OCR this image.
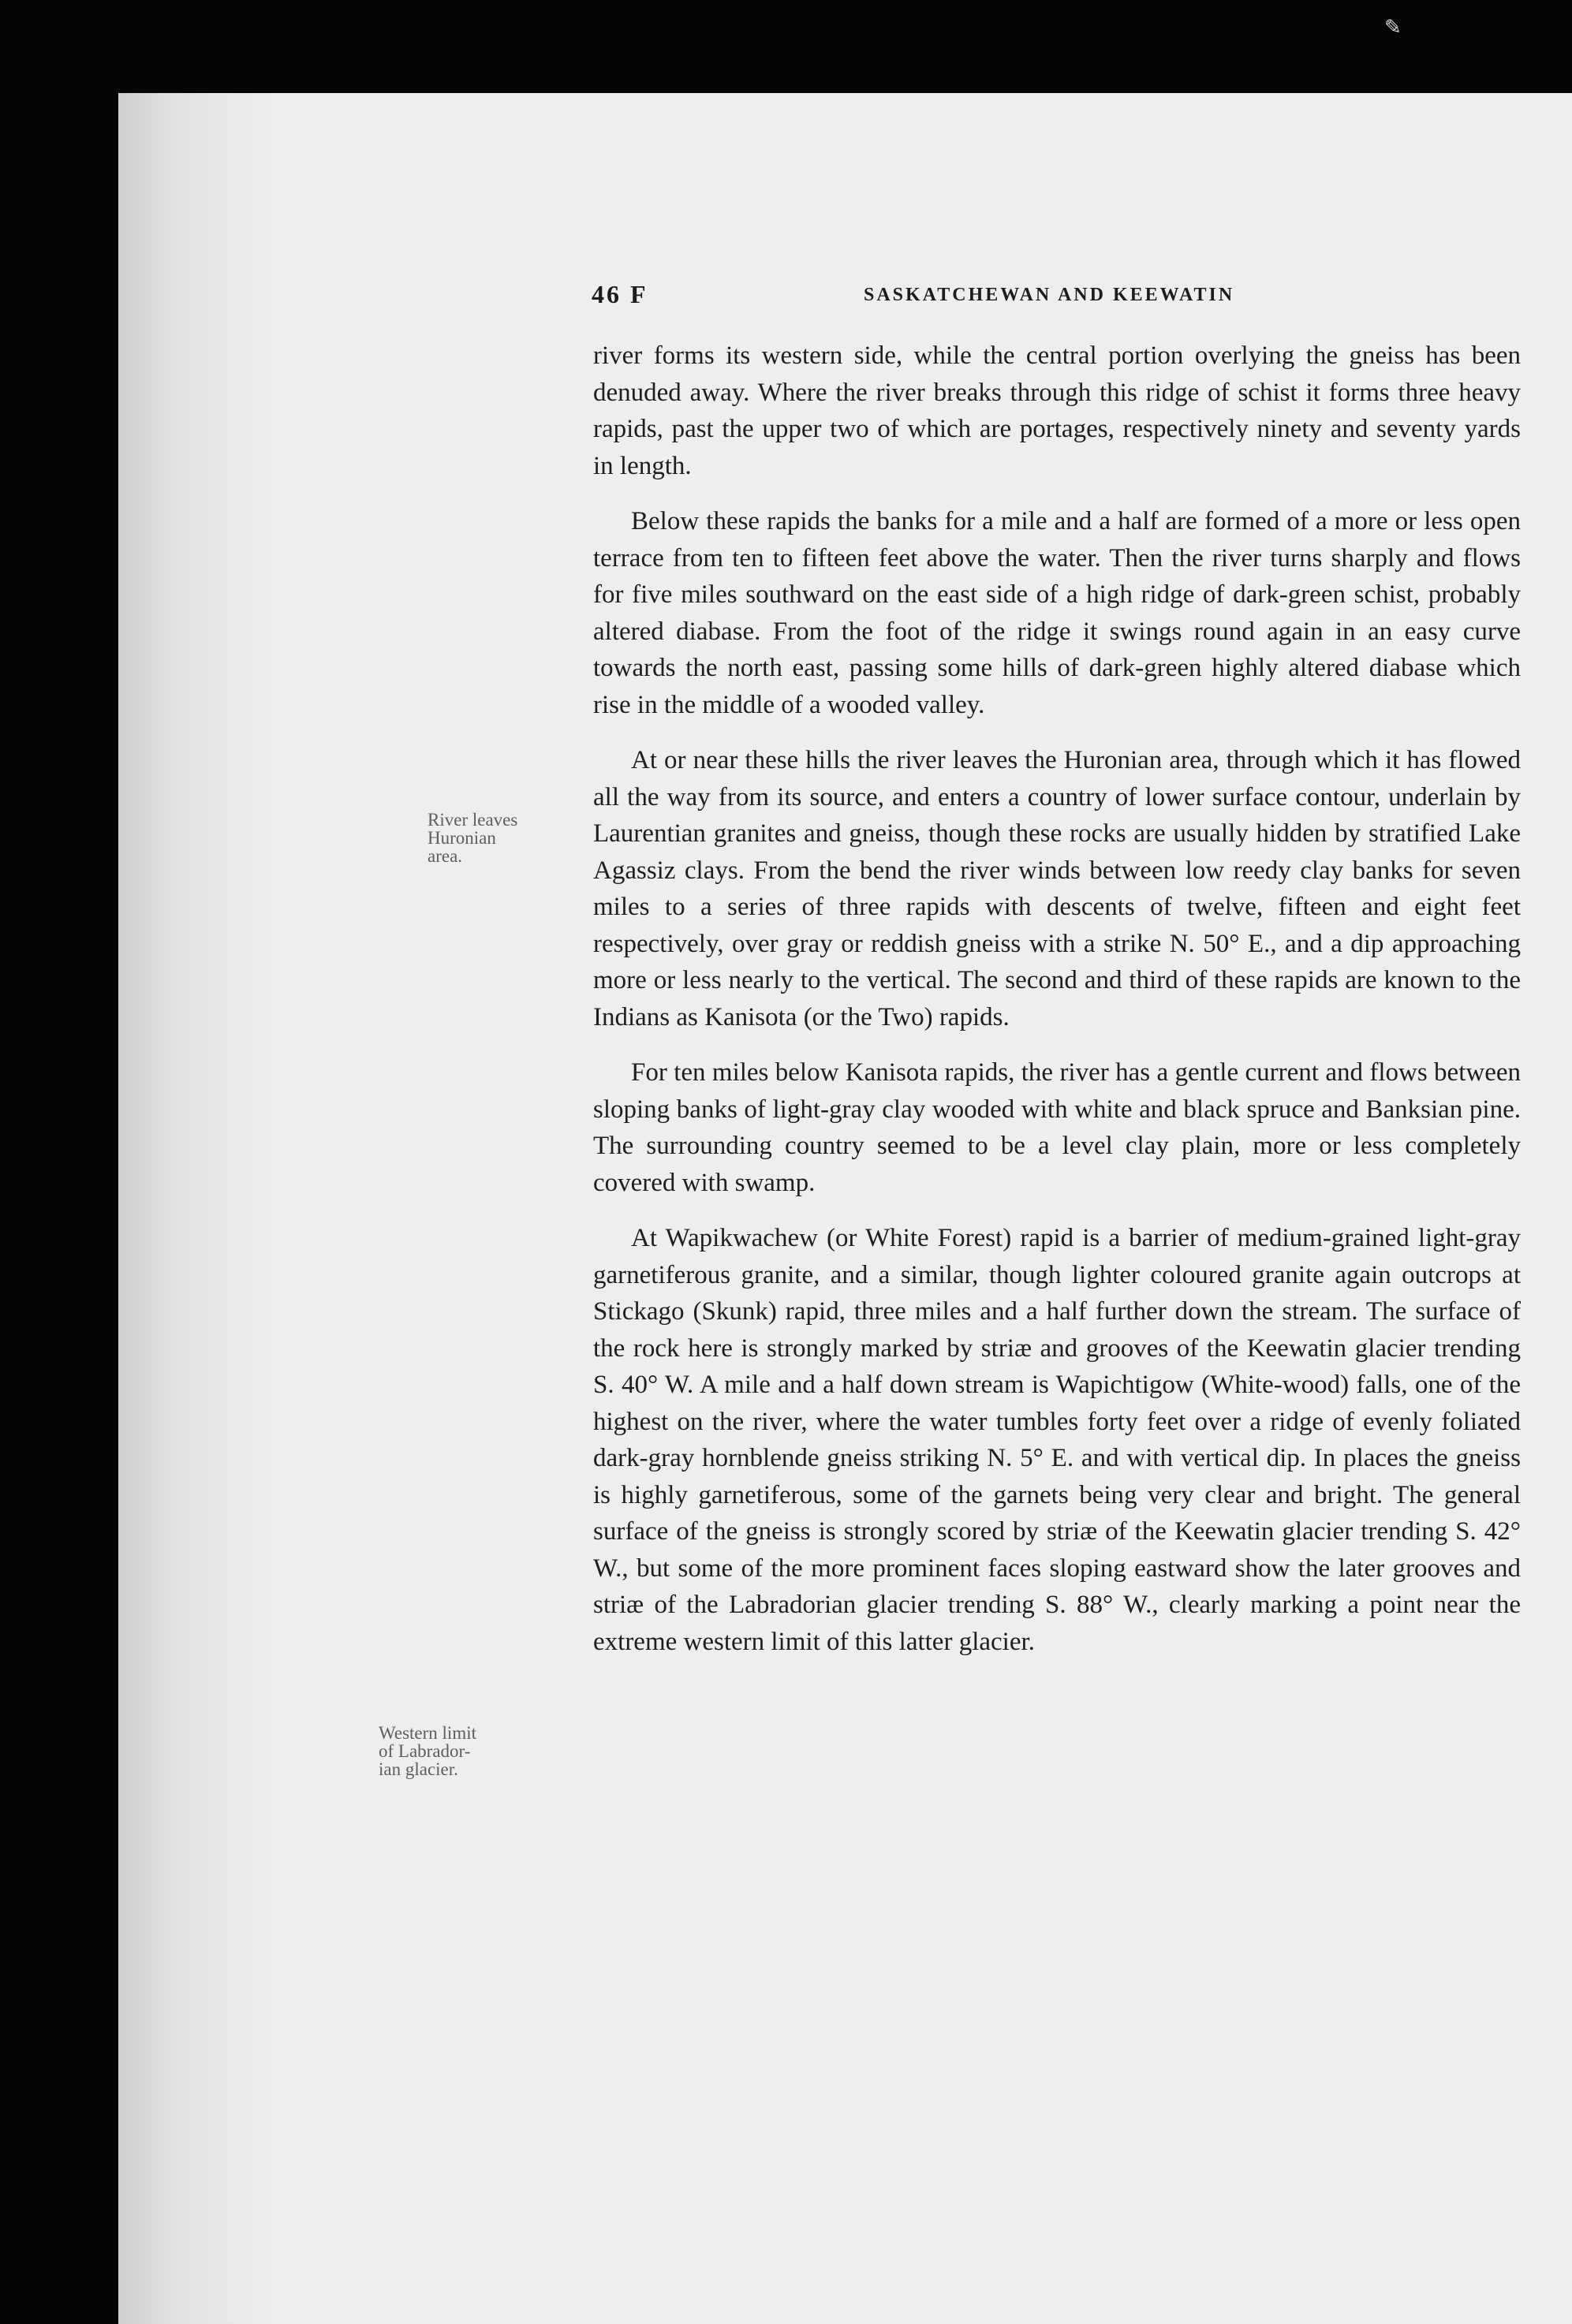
✎
46 F	SASKATCHEWAN AND KEEWATIN
River leaves
Huronian
area.
Western limit
of Labrador-
ian glacier.

river forms its western side, while the central portion overlying the gneiss has been denuded away. Where the river breaks through this ridge of schist it forms three heavy rapids, past the upper two of which are portages, respectively ninety and seventy yards in length.

Below these rapids the banks for a mile and a half are formed of a more or less open terrace from ten to fifteen feet above the water. Then the river turns sharply and flows for five miles southward on the east side of a high ridge of dark-green schist, probably altered diabase. From the foot of the ridge it swings round again in an easy curve towards the north east, passing some hills of dark-green highly altered diabase which rise in the middle of a wooded valley.

At or near these hills the river leaves the Huronian area, through which it has flowed all the way from its source, and enters a country of lower surface contour, underlain by Laurentian granites and gneiss, though these rocks are usually hidden by stratified Lake Agassiz clays. From the bend the river winds between low reedy clay banks for seven miles to a series of three rapids with descents of twelve, fifteen and eight feet respectively, over gray or reddish gneiss with a strike N. 50° E., and a dip approaching more or less nearly to the vertical. The second and third of these rapids are known to the Indians as Kanisota (or the Two) rapids.

For ten miles below Kanisota rapids, the river has a gentle current and flows between sloping banks of light-gray clay wooded with white and black spruce and Banksian pine. The surrounding country seemed to be a level clay plain, more or less completely covered with swamp.

At Wapikwachew (or White Forest) rapid is a barrier of medium-grained light-gray garnetiferous granite, and a similar, though lighter coloured granite again outcrops at Stickago (Skunk) rapid, three miles and a half further down the stream. The surface of the rock here is strongly marked by striæ and grooves of the Keewatin glacier trending S. 40° W. A mile and a half down stream is Wapichtigow (White-wood) falls, one of the highest on the river, where the water tumbles forty feet over a ridge of evenly foliated dark-gray hornblende gneiss striking N. 5° E. and with vertical dip. In places the gneiss is highly garnetiferous, some of the garnets being very clear and bright. The general surface of the gneiss is strongly scored by striæ of the Keewatin glacier trending S. 42° W., but some of the more prominent faces sloping eastward show the later grooves and striæ of the Labradorian glacier trending S. 88° W., clearly marking a point near the extreme western limit of this latter glacier.
